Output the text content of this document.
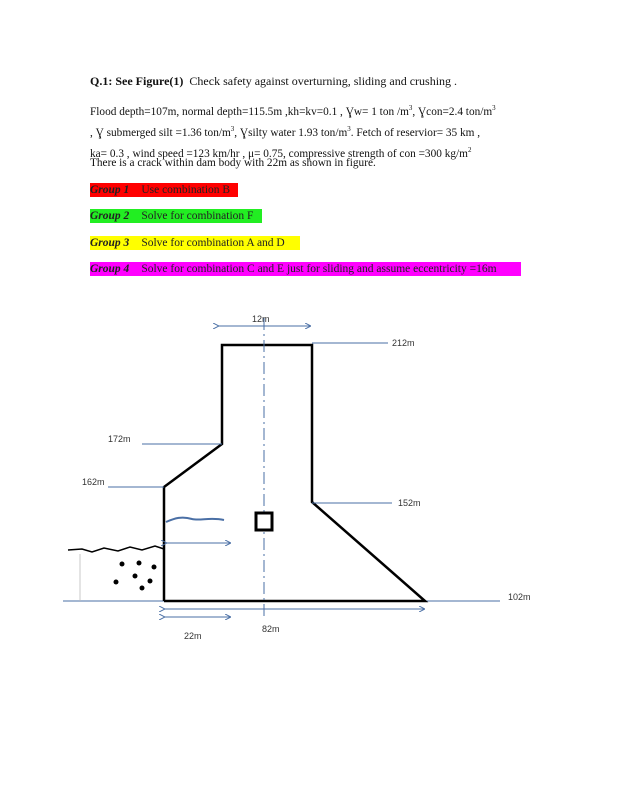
Q.1: See Figure(1) Check safety against overturning, sliding and crushing .
Flood depth=107m, normal depth=115.5m ,kh=kv=0.1 , Ɣw= 1 ton $/m^3$, Ɣcon=2.4 ton/$m^3$
, Ɣ submerged silt =1.36 ton/$m^3$, Ɣsilty water 1.93 ton/$m^3$. Fetch of reservior= 35 km ,
ka= 0.3 , wind speed =123 km/hr , μ= 0.75, compressive strength of con =300 $kg/m^2$
There is a crack within dam body with 22m as shown in figure.
Group 1 Use combination B
Group 2 Solve for combination F
Group 3 Solve for combination A and D
Group 4 Solve for combination C and E just for sliding and assume eccentricity =16m
12m
212m
172m
162m
152m
102m
22m
82m
